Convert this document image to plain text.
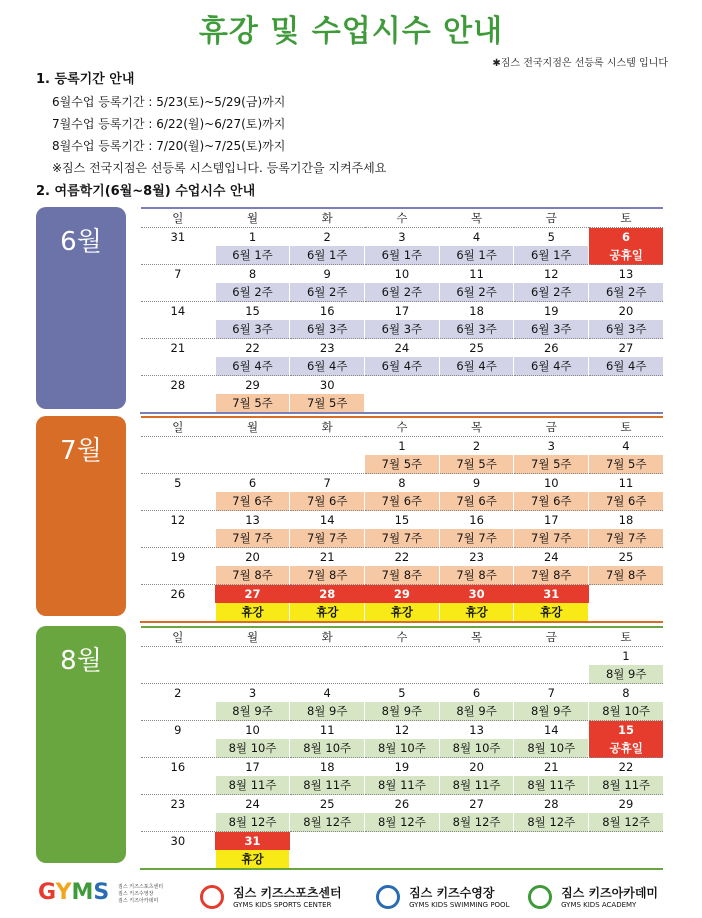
휴강 및 수업시수 안내
✱짐스 전국지점은 선등록 시스템 입니다
1. 등록기간 안내
6월수업 등록기간 : 5/23(토)~5/29(금)까지
7월수업 등록기간 : 6/22(월)~6/27(토)까지
8월수업 등록기간 : 7/20(월)~7/25(토)까지
※짐스 전국지점은 선등록 시스템입니다. 등록기간을 지켜주세요
2. 여름학기(6월~8월) 수업시수 안내
6월
일	월	화	수	목	금	토
31	1	2	3	4	5	6
	6월 1주	6월 1주	6월 1주	6월 1주	6월 1주	공휴일
7	8	9	10	11	12	13
	6월 2주	6월 2주	6월 2주	6월 2주	6월 2주	6월 2주
14	15	16	17	18	19	20
	6월 3주	6월 3주	6월 3주	6월 3주	6월 3주	6월 3주
21	22	23	24	25	26	27
	6월 4주	6월 4주	6월 4주	6월 4주	6월 4주	6월 4주
28	29	30				
	7월 5주	7월 5주				
7월
일	월	화	수	목	금	토
			1	2	3	4
			7월 5주	7월 5주	7월 5주	7월 5주
5	6	7	8	9	10	11
	7월 6주	7월 6주	7월 6주	7월 6주	7월 6주	7월 6주
12	13	14	15	16	17	18
	7월 7주	7월 7주	7월 7주	7월 7주	7월 7주	7월 7주
19	20	21	22	23	24	25
	7월 8주	7월 8주	7월 8주	7월 8주	7월 8주	7월 8주
26	27	28	29	30	31	
	휴강	휴강	휴강	휴강	휴강	
8월
일	월	화	수	목	금	토
						1
						8월 9주
2	3	4	5	6	7	8
	8월 9주	8월 9주	8월 9주	8월 9주	8월 9주	8월 10주
9	10	11	12	13	14	15
	8월 10주	8월 10주	8월 10주	8월 10주	8월 10주	공휴일
16	17	18	19	20	21	22
	8월 11주	8월 11주	8월 11주	8월 11주	8월 11주	8월 11주
23	24	25	26	27	28	29
	8월 12주	8월 12주	8월 12주	8월 12주	8월 12주	8월 12주
30	31					
	휴강					
GYMS 짐스 키즈스포츠센터
짐스 키즈수영장
짐스 키즈아카데미

짐스 키즈스포츠센터
GYMS KIDS SPORTS CENTER

짐스 키즈수영장
GYMS KIDS SWIMMING POOL

짐스 키즈아카데미
GYMS KIDS ACADEMY
